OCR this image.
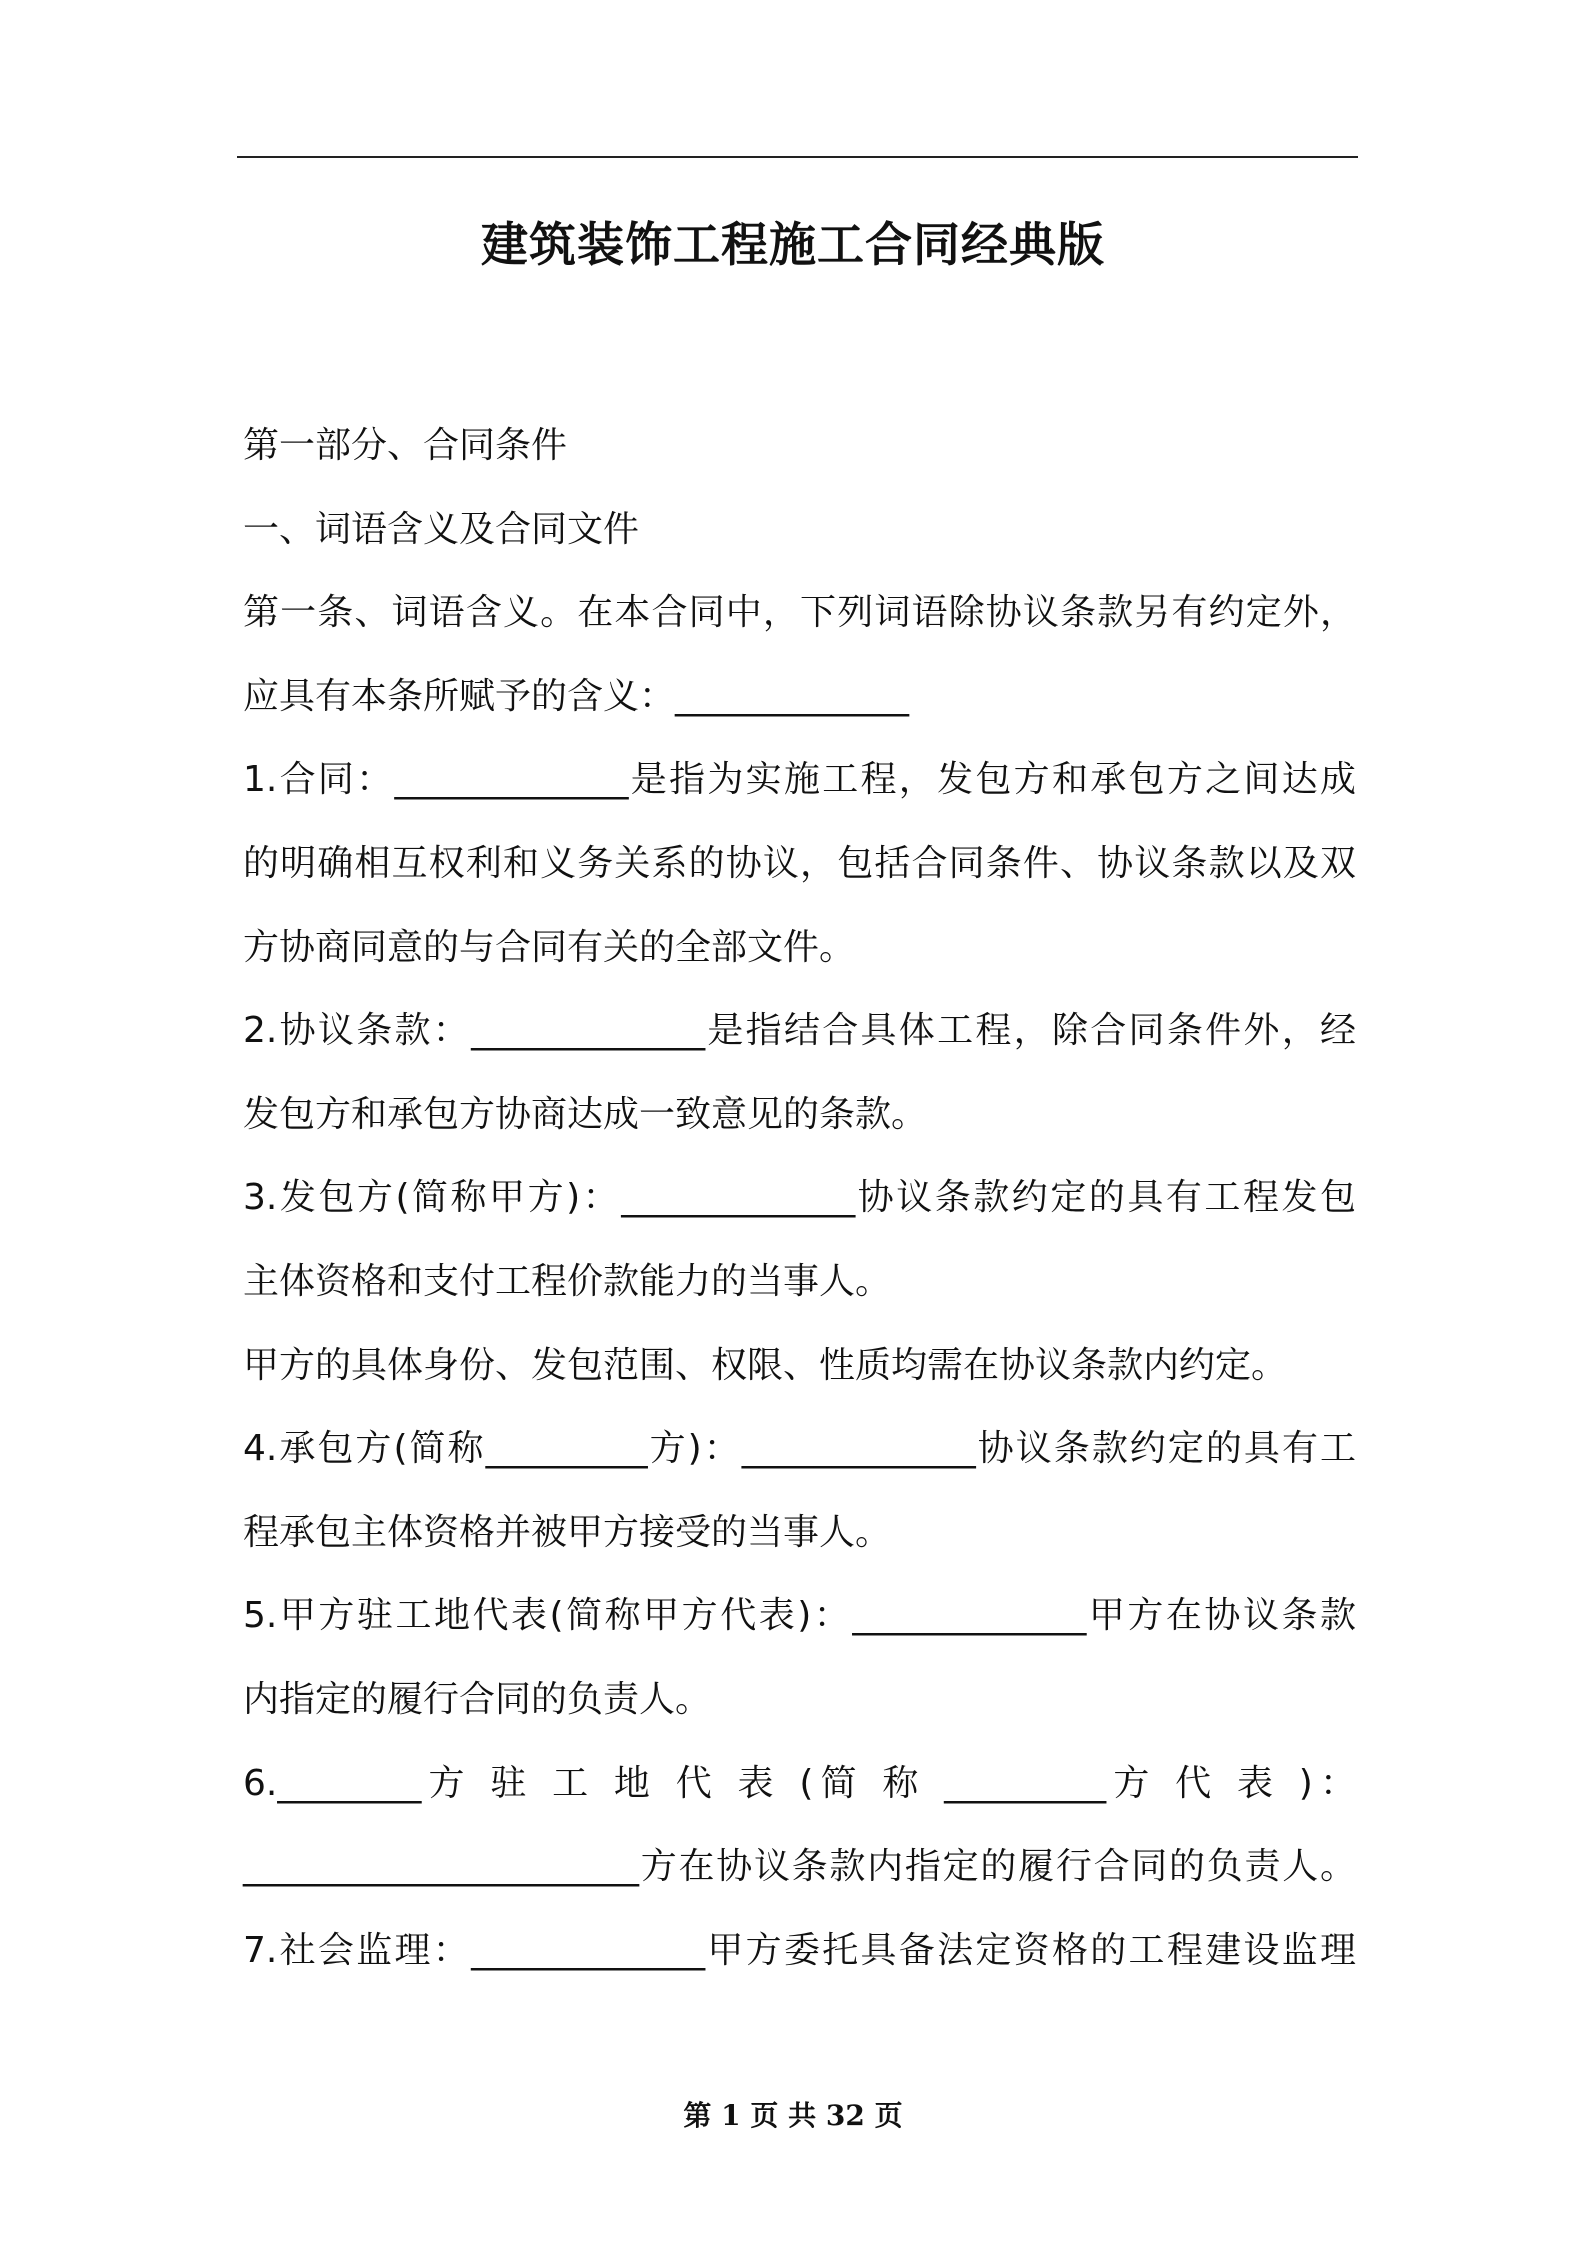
建筑装饰工程施工合同经典版
第一部分、合同条件
一、词语含义及合同文件
第一条、词语含义。在本合同中，下列词语除协议条款另有约定外，
应具有本条所赋予的含义：_____________
1.合同：_____________是指为实施工程，发包方和承包方之间达成
的明确相互权利和义务关系的协议，包括合同条件、协议条款以及双
方协商同意的与合同有关的全部文件。
2.协议条款：_____________是指结合具体工程，除合同条件外，经
发包方和承包方协商达成一致意见的条款。
3.发包方(简称甲方)：_____________协议条款约定的具有工程发包
主体资格和支付工程价款能力的当事人。
甲方的具体身份、发包范围、权限、性质均需在协议条款内约定。
4.承包方(简称_________方)：_____________协议条款约定的具有工
程承包主体资格并被甲方接受的当事人。
5.甲方驻工地代表(简称甲方代表)：_____________甲方在协议条款
内指定的履行合同的负责人。
6.________方 驻 工 地 代 表 (简 称 _________方 代 表 )：
______________________方在协议条款内指定的履行合同的负责人。
7.社会监理：_____________甲方委托具备法定资格的工程建设监理
第 1 页 共 32 页
